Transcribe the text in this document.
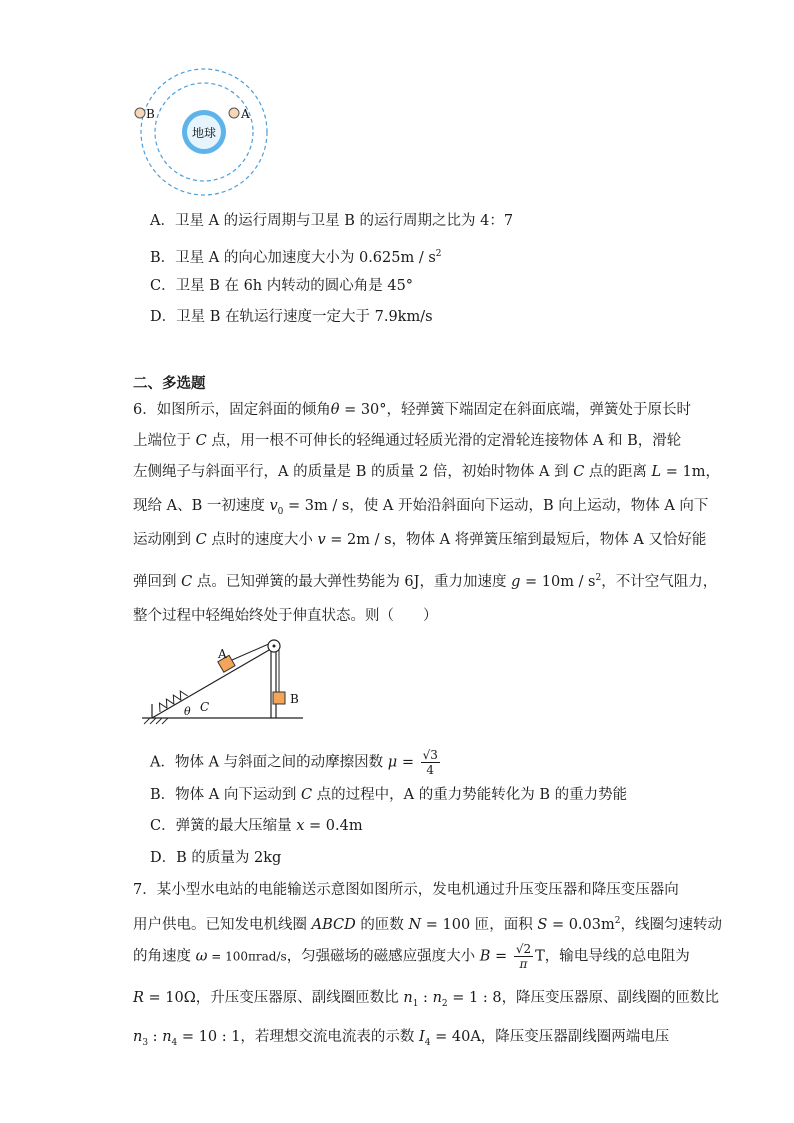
地球
A
B
A．卫星 A 的运行周期与卫星 B 的运行周期之比为 4：7
B．卫星 A 的向心加速度大小为 $0.625m / s^2$
C．卫星 B 在 6h 内转动的圆心角是 45°
D．卫星 B 在轨运行速度一定大于 7.9km/s
二、多选题
6．如图所示，固定斜面的倾角θ = 30°，轻弹簧下端固定在斜面底端，弹簧处于原长时
上端位于 C 点，用一根不可伸长的轻绳通过轻质光滑的定滑轮连接物体 A 和 B，滑轮
左侧绳子与斜面平行，A 的质量是 B 的质量 2 倍，初始时物体 A 到 C 点的距离 L = 1m，
现给 A、B 一初速度 $v_0 = 3m / s$，使 A 开始沿斜面向下运动，B 向上运动，物体 A 向下
运动刚到 C 点时的速度大小 v = 2m / s，物体 A 将弹簧压缩到最短后，物体 A 又恰好能
弹回到 C 点。已知弹簧的最大弹性势能为 6J，重力加速度 $g = 10m / s^2$，不计空气阻力，
整个过程中轻绳始终处于伸直状态。则（　　）
A
B
θ C
A．物体 A 与斜面之间的动摩擦因数 $\mu = \frac{√3}{4}$
B．物体 A 向下运动到 C 点的过程中，A 的重力势能转化为 B 的重力势能
C．弹簧的最大压缩量 x = 0.4m
D．B 的质量为 2kg
7．某小型水电站的电能输送示意图如图所示，发电机通过升压变压器和降压变压器向
用户供电。已知发电机线圈 ABCD 的匝数 N = 100 匝，面积 $S = 0.03m^2$，线圈匀速转动
的角速度 ω = 100πrad/s，匀强磁场的磁感应强度大小 $B = \frac{√2}{\pi}$ T，输电导线的总电阻为
R = 10Ω，升压变压器原、副线圈匝数比 $n_1$ : $n_2 = 1$ : 8，降压变压器原、副线圈的匝数比
$n_3$ : $n_4 = 10$ : 1，若理想交流电流表的示数 $I_4 = 40A$，降压变压器副线圈两端电压
